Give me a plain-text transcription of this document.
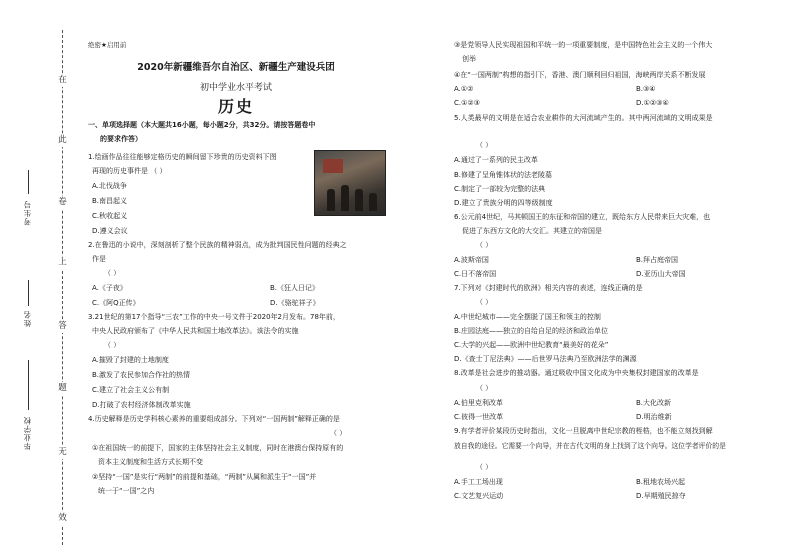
在
此
卷
上
答
题
无
效
考生号
姓名
毕业学校
绝密★启用前
2020年新疆维吾尔自治区、新疆生产建设兵团
初中学业水平考试
历史
一、单项选择题（本大题共16小题，每小题2分，共32分。请按答题卷中
的要求作答）
1.绘画作品往往能够定格历史的瞬间留下珍贵的历史资料下图
再现的历史事件是 （ ）
A.北伐战争
B.南昌起义
C.秋收起义
D.遵义会议
2.在鲁迅的小说中，深刻剖析了整个民族的精神弱点，成为批判国民性问题的经典之
作是
（ ）
A.《子夜》	B.《狂人日记》
C.《阿Q正传》	D.《骆驼祥子》
3.21世纪的第17个指导“三农”工作的中央一号文件于2020年2月发布。78年前，
中央人民政府颁布了《中华人民共和国土地改革法》。该法令的实施
（ ）
A.摧毁了封建的土地制度
B.激发了农民参加合作社的热情
C.建立了社会主义公有制
D.打破了农村经济体制改革实施
4.历史解释是历史学科核心素养的重要组成部分。下列对“一国两制”解释正确的是
（ ）
①在祖国统一的前提下，国家的主体坚持社会主义制度，同时在港澳台保持原有的
资本主义制度和生活方式长期不变
②坚持“一国”是实行“两制”的前提和基础，“两制”从属和派生于“一国”并
统一于“一国”之内
③是党领导人民实现祖国和平统一的一项重要制度，是中国特色社会主义的一个伟大
创举
④在“一国两制”构想的指引下，香港、澳门顺利回归祖国，海峡两岸关系不断发展
A.①②	B.③④
C.①②③	D.①②③④
5.人类最早的文明是在适合农业耕作的大河流域产生的。其中两河流域的文明成果是
（ ）
A.通过了一系列的民主改革
B.修建了呈角锥体状的法老陵墓
C.制定了一部较为完整的法典
D.建立了贵族分明的四等级制度
6.公元前4世纪，马其顿国王的东征和帝国的建立，既给东方人民带来巨大灾难，也
促进了东西方文化的大交汇。其建立的帝国是
（ ）
A.波斯帝国	B.拜占庭帝国
C.日不落帝国	D.亚历山大帝国
7.下列对《封建时代的欧洲》相关内容的表述，连线正确的是
（ ）
A.中世纪城市——完全摆脱了国王和领主的控制
B.庄园法庭——独立的自给自足的经济和政治单位
C.大学的兴起——欧洲中世纪教育“最美好的花朵”
D.《查士丁尼法典》——后世罗马法典乃至欧洲法学的渊源
8.改革是社会进步的推动器。通过吸收中国文化成为中央集权封建国家的改革是
（ ）
A.伯里克利改革	B.大化改新
C.彼得一世改革	D.明治维新
9.有学者评价某段历史时指出，文化一旦脱离中世纪宗教的桎梏，也不能立刻找到解
放自我的途径。它需要一个向导，并在古代文明的身上找到了这个向导。这位学者评价的是
（ ）
A.手工工场出现	B.租地农场兴起
C.文艺复兴运动	D.早期殖民掠夺
